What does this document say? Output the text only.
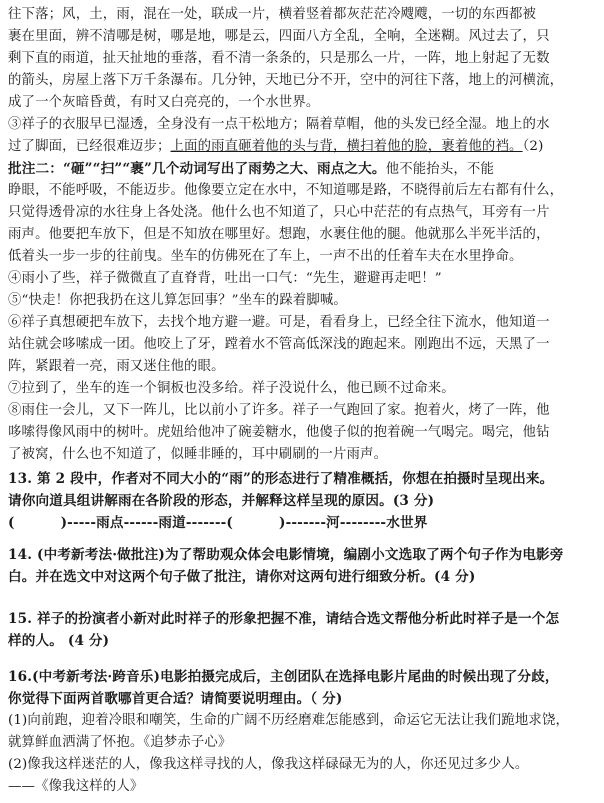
往下落；风，土，雨，混在一处，联成一片，横着竖着都灰茫茫冷飕飕，一切的东西都被
裹在里面，辨不清哪是树，哪是地，哪是云，四面八方全乱，全响，全迷糊。风过去了，只
剩下直的雨道，扯天扯地的垂落，看不清一条条的，只是那么一片，一阵，地上射起了无数
的箭头，房屋上落下万千条瀑布。几分钟，天地已分不开，空中的河往下落，地上的河横流，
成了一个灰暗昏黄，有时又白亮亮的，一个水世界。
③祥子的衣服早已湿透，全身没有一点干松地方；隔着草帽，他的头发已经全湿。地上的水
过了脚面，已经很难迈步；上面的雨直砸着他的头与背，横扫着他的脸，裹着他的裆。（2)
批注二：“砸”“扫”“裹”几个动词写出了雨势之大、雨点之大。他不能抬头，不能
睁眼，不能呼吸，不能迈步。他像要立定在水中，不知道哪是路，不晓得前后左右都有什么，
只觉得透骨凉的水往身上各处浇。他什么也不知道了，只心中茫茫的有点热气，耳旁有一片
雨声。他要把车放下，但是不知放在哪里好。想跑，水裹住他的腿。他就那么半死半活的，
低着头一步一步的往前曳。坐车的仿佛死在了车上，一声不出的任着车夫在水里挣命。
④雨小了些，祥子微微直了直脊背，吐出一口气：“先生，避避再走吧！”
⑤“快走！你把我扔在这儿算怎回事？”坐车的跺着脚喊。
⑥祥子真想硬把车放下，去找个地方避一避。可是，看看身上，已经全往下流水，他知道一
站住就会哆嗦成一团。他咬上了牙，蹚着水不管高低深浅的跑起来。刚跑出不远，天黑了一
阵，紧跟着一亮，雨又迷住他的眼。
⑦拉到了，坐车的连一个铜板也没多给。祥子没说什么，他已顾不过命来。
⑧雨住一会儿，又下一阵儿，比以前小了许多。祥子一气跑回了家。抱着火，烤了一阵，他
哆嗦得像风雨中的树叶。虎妞给他冲了碗姜糖水，他傻子似的抱着碗一气喝完。喝完，他钻
了被窝，什么也不知道了，似睡非睡的，耳中刷刷的一片雨声。
13. 第 2 段中，作者对不同大小的“雨”的形态进行了精准概括，你想在拍摄时呈现出来。
请你向道具组讲解雨在各阶段的形态，并解释这样呈现的原因。(3 分)
(	)-----雨点------雨道-------(	)-------河--------水世界
14. (中考新考法·做批注)为了帮助观众体会电影情境，编剧小文选取了两个句子作为电影旁
白。并在选文中对这两个句子做了批注，请你对这两句进行细致分析。(4 分)
15. 祥子的扮演者小新对此时祥子的形象把握不准，请结合选文帮他分析此时祥子是一个怎
样的人。 (4 分)
16.(中考新考法·跨音乐)电影拍摄完成后，主创团队在选择电影片尾曲的时候出现了分歧，
你觉得下面两首歌哪首更合适？请简要说明理由。（ 分)
(1)向前跑，迎着冷眼和嘲笑，生命的广阔不历经磨难怎能感到，命运它无法让我们跪地求饶，
就算鲜血洒满了怀抱。《追梦赤子心》
(2)像我这样迷茫的人，像我这样寻找的人，像我这样碌碌无为的人，你还见过多少人。
——《像我这样的人》
